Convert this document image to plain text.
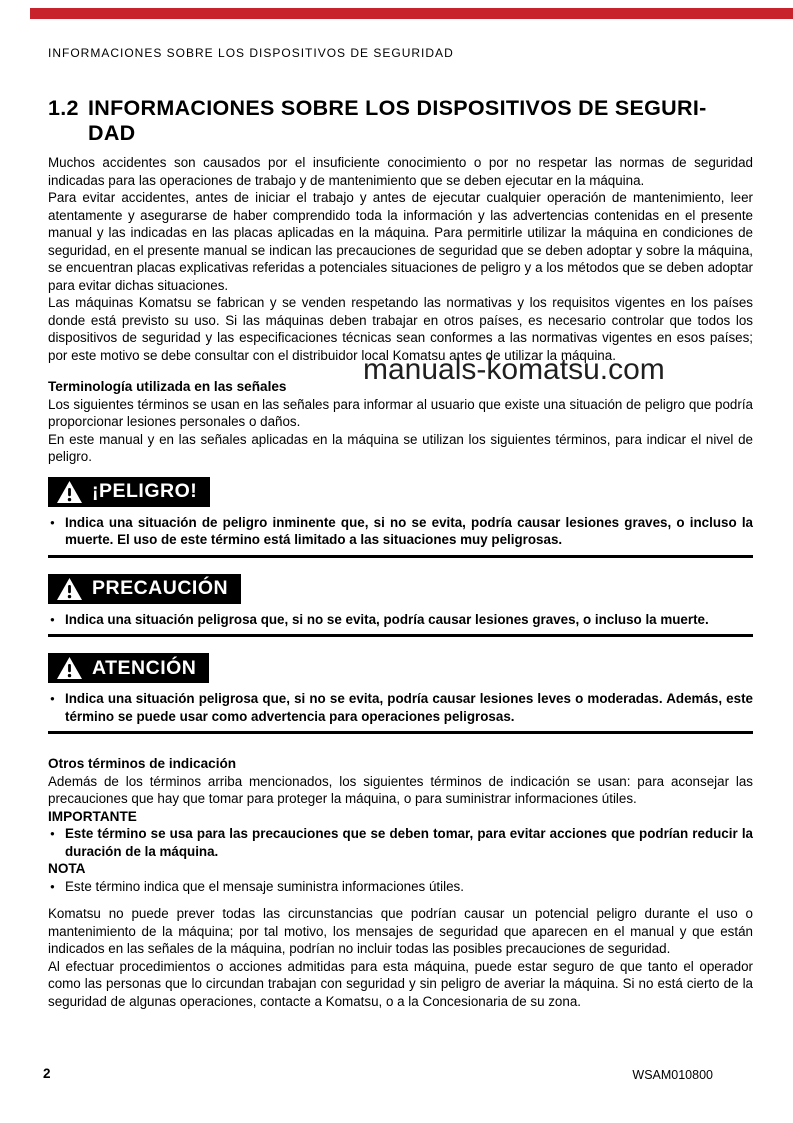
INFORMACIONES SOBRE LOS DISPOSITIVOS DE SEGURIDAD
manuals-komatsu.com
1.2 INFORMACIONES SOBRE LOS DISPOSITIVOS DE SEGURI-
DAD

Muchos accidentes son causados por el insuficiente conocimiento o por no respetar las normas de seguridad indicadas para las operaciones de trabajo y de mantenimiento que se deben ejecutar en la máquina.

Para evitar accidentes, antes de iniciar el trabajo y antes de ejecutar cualquier operación de mantenimiento, leer atentamente y asegurarse de haber comprendido toda la información y las advertencias contenidas en el presente manual y las indicadas en las placas aplicadas en la máquina. Para permitirle utilizar la máquina en condiciones de seguridad, en el presente manual se indican las precauciones de seguridad que se deben adoptar y sobre la máquina, se encuentran placas explicativas referidas a potenciales situaciones de peligro y a los métodos que se deben adoptar para evitar dichas situaciones.

Las máquinas Komatsu se fabrican y se venden respetando las normativas y los requisitos vigentes en los países donde está previsto su uso. Si las máquinas deben trabajar en otros países, es necesario controlar que todos los dispositivos de seguridad y las especificaciones técnicas sean conformes a las normativas vigentes en esos países; por este motivo se debe consultar con el distribuidor local Komatsu antes de utilizar la máquina.

Terminología utilizada en las señales

Los siguientes términos se usan en las señales para informar al usuario que existe una situación de peligro que podría proporcionar lesiones personales o daños.

En este manual y en las señales aplicadas en la máquina se utilizan los siguientes términos, para indicar el nivel de peligro.

¡PELIGRO!
● Indica una situación de peligro inminente que, si no se evita, podría causar lesiones graves, o incluso la muerte. El uso de este término está limitado a las situaciones muy peligrosas.
PRECAUCIÓN
● Indica una situación peligrosa que, si no se evita, podría causar lesiones graves, o incluso la muerte.
ATENCIÓN
● Indica una situación peligrosa que, si no se evita, podría causar lesiones leves o moderadas. Además, este término se puede usar como advertencia para operaciones peligrosas.
Otros términos de indicación

Además de los términos arriba mencionados, los siguientes términos de indicación se usan: para aconsejar las precauciones que hay que tomar para proteger la máquina, o para suministrar informaciones útiles.

IMPORTANTE
● Este término se usa para las precauciones que se deben tomar, para evitar acciones que podrían reducir la duración de la máquina.
NOTA
● Este término indica que el mensaje suministra informaciones útiles.

Komatsu no puede prever todas las circunstancias que podrían causar un potencial peligro durante el uso o mantenimiento de la máquina; por tal motivo, los mensajes de seguridad que aparecen en el manual y que están indicados en las señales de la máquina, podrían no incluir todas las posibles precauciones de seguridad.

Al efectuar procedimientos o acciones admitidas para esta máquina, puede estar seguro de que tanto el operador como las personas que lo circundan trabajan con seguridad y sin peligro de averiar la máquina. Si no está cierto de la seguridad de algunas operaciones, contacte a Komatsu, o a la Concesionaria de su zona.

2	WSAM010800
